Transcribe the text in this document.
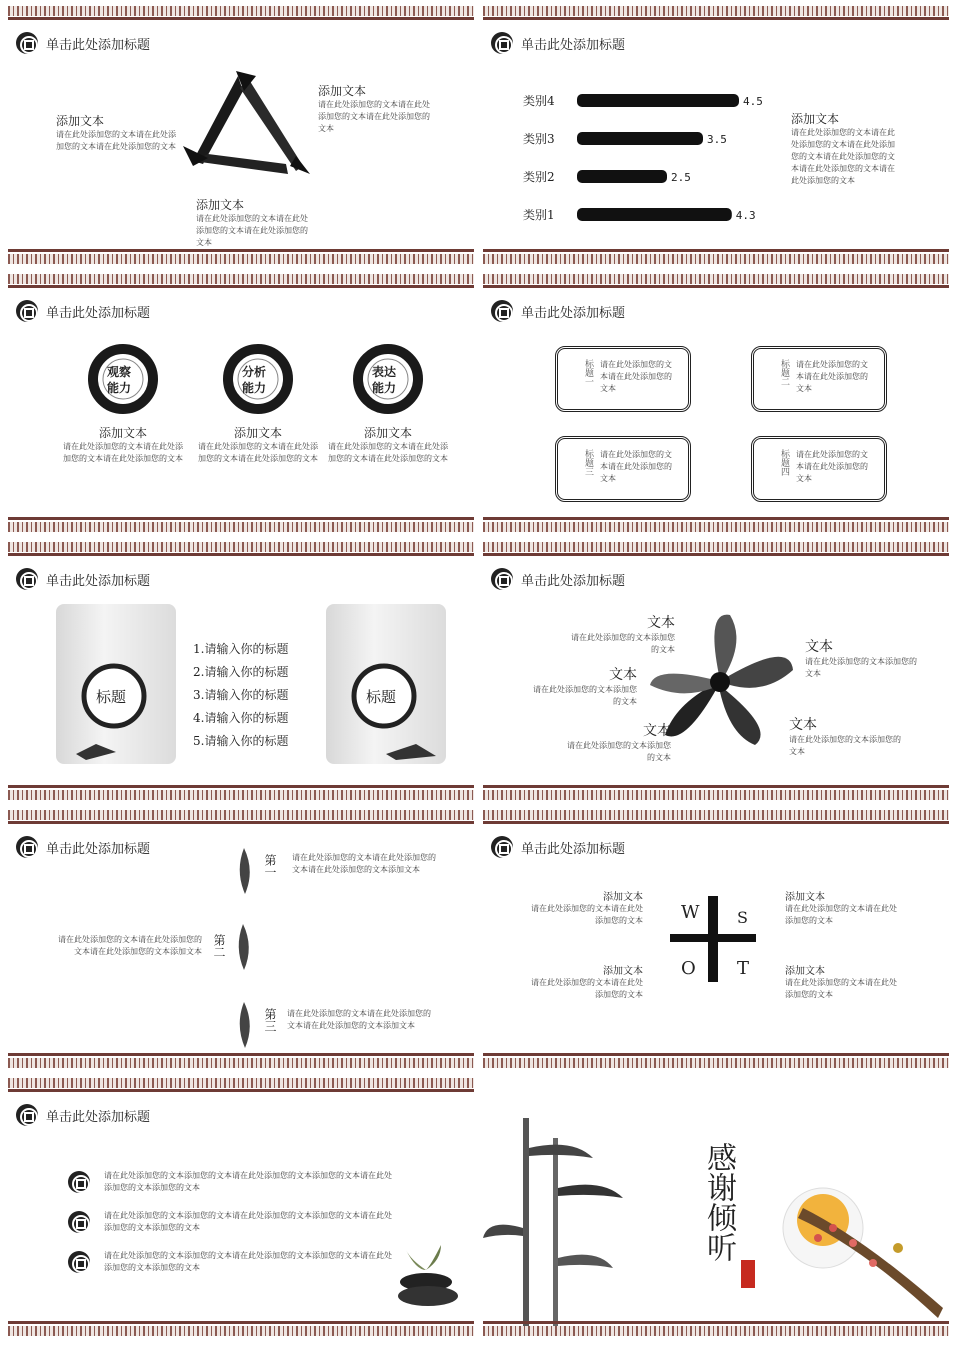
单击此处添加标题
添加文本
请在此处添加您的文本请在此处添加您的文本请在此处添加您的文本
添加文本
请在此处添加您的文本请在此处添加您的文本请在此处添加您的文本
添加文本
请在此处添加您的文本请在此处添加您的文本请在此处添加您的文本
单击此处添加标题
类别4	4.5
类别3	3.5
类别2	2.5
类别1	4.3
添加文本
请在此处添加您的文本请在此处添加您的文本请在此处添加您的文本请在此处添加您的文本请在此处添加您的文本请在此处添加您的文本
单击此处添加标题
观察
能力
添加文本
请在此处添加您的文本请在此处添加您的文本请在此处添加您的文本
分析
能力
添加文本
请在此处添加您的文本请在此处添加您的文本请在此处添加您的文本
表达
能力
添加文本
请在此处添加您的文本请在此处添加您的文本请在此处添加您的文本
单击此处添加标题
标题一 请在此处添加您的文本请在此处添加您的文本
标题二 请在此处添加您的文本请在此处添加您的文本
标题三 请在此处添加您的文本请在此处添加您的文本
标题四 请在此处添加您的文本请在此处添加您的文本
单击此处添加标题
标题
1.请输入你的标题
2.请输入你的标题
3.请输入你的标题
4.请输入你的标题
5.请输入你的标题
标题
单击此处添加标题
文本
请在此处添加您的文本添加您的文本
文本
请在此处添加您的文本添加您的文本
文本
请在此处添加您的文本添加您的文本
文本
请在此处添加您的文本添加您的文本
文本
请在此处添加您的文本添加您的文本
单击此处添加标题
第一 请在此处添加您的文本请在此处添加您的文本请在此处添加您的文本添加文本
请在此处添加您的文本请在此处添加您的文本请在此处添加您的文本添加文本 第二
第三 请在此处添加您的文本请在此处添加您的文本请在此处添加您的文本添加文本
单击此处添加标题
W S
O T
添加文本
请在此处添加您的文本请在此处添加您的文本
添加文本
请在此处添加您的文本请在此处添加您的文本
添加文本
请在此处添加您的文本请在此处添加您的文本
添加文本
请在此处添加您的文本请在此处添加您的文本
单击此处添加标题
请在此处添加您的文本添加您的文本请在此处添加您的文本添加您的文本请在此处添加您的文本添加您的文本
请在此处添加您的文本添加您的文本请在此处添加您的文本添加您的文本请在此处添加您的文本添加您的文本
请在此处添加您的文本添加您的文本请在此处添加您的文本添加您的文本请在此处添加您的文本添加您的文本
感谢倾听
